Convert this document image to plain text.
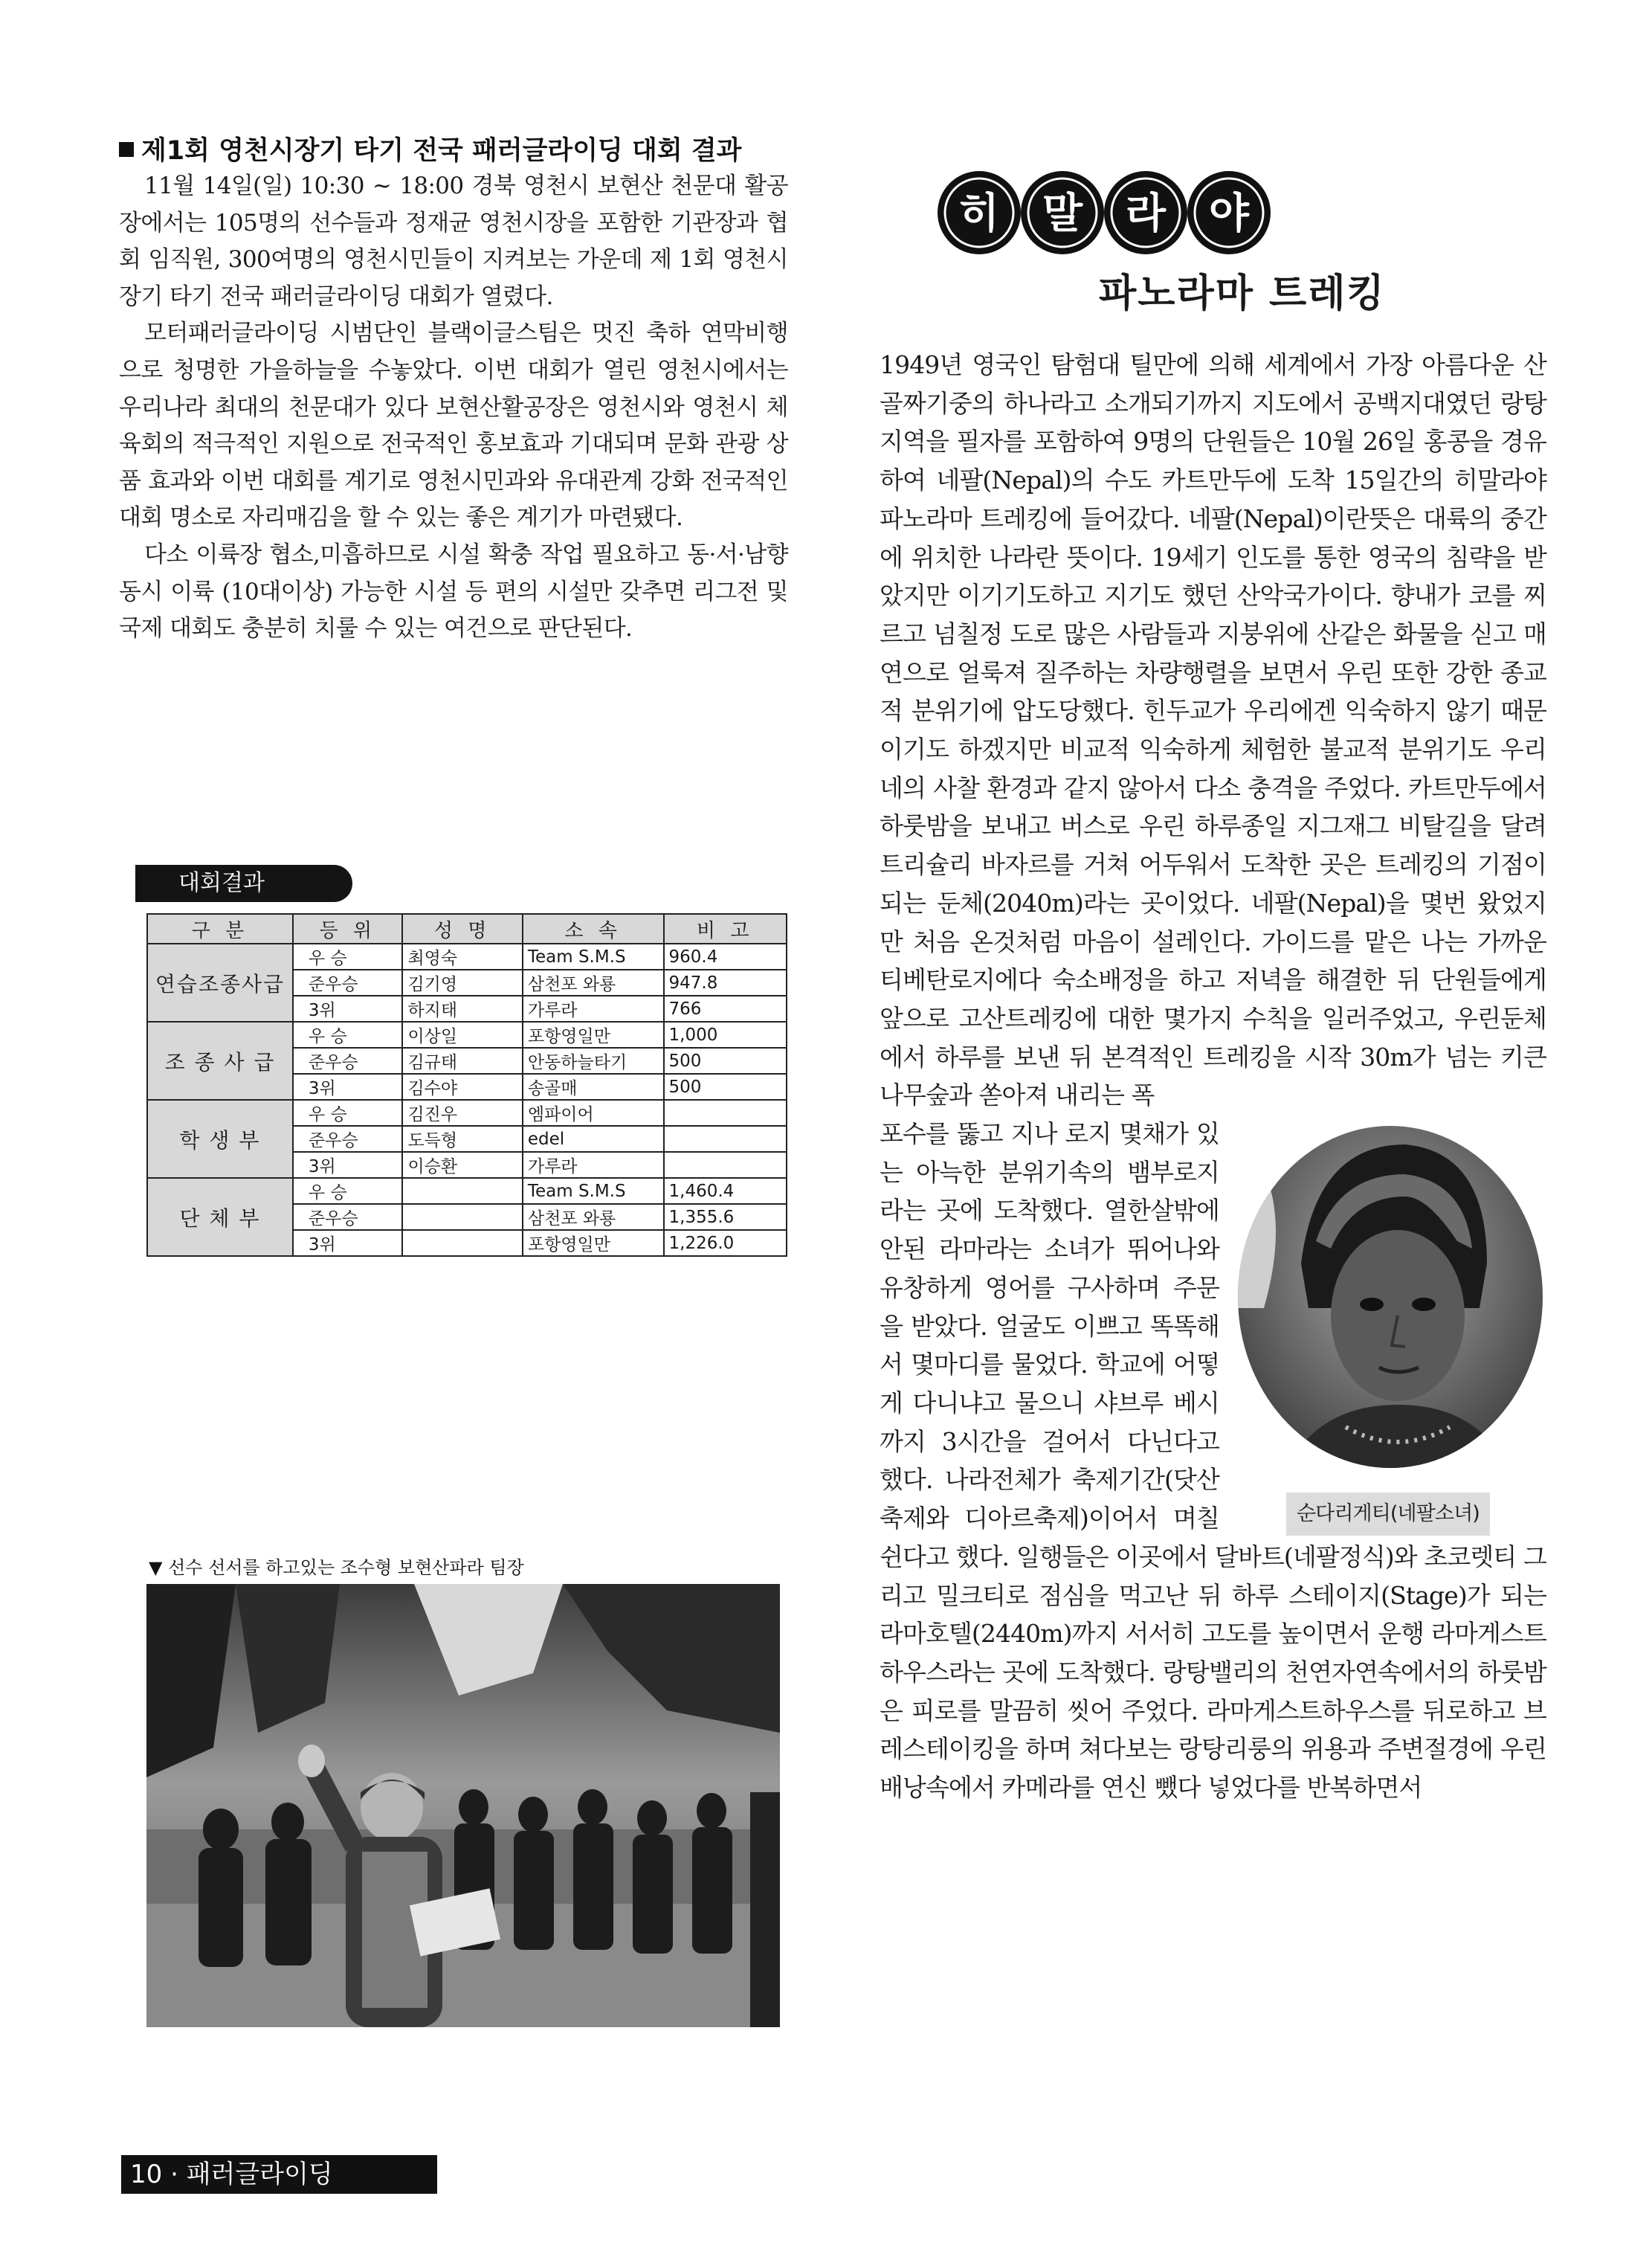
제1회 영천시장기 타기 전국 패러글라이딩 대회 결과

11월 14일(일) 10:30 ~ 18:00 경북 영천시 보현산 천문대 활공장에서는 105명의 선수들과 정재균 영천시장을 포함한 기관장과 협회 임직원, 300여명의 영천시민들이 지켜보는 가운데 제 1회 영천시장기 타기 전국 패러글라이딩 대회가 열렸다.

모터패러글라이딩 시범단인 블랙이글스팀은 멋진 축하 연막비행으로 청명한 가을하늘을 수놓았다. 이번 대회가 열린 영천시에서는 우리나라 최대의 천문대가 있다 보현산활공장은 영천시와 영천시 체육회의 적극적인 지원으로 전국적인 홍보효과 기대되며 문화 관광 상품 효과와 이번 대회를 계기로 영천시민과와 유대관계 강화 전국적인 대회 명소로 자리매김을 할 수 있는 좋은 계기가 마련됐다.

다소 이륙장 협소,미흡하므로 시설 확충 작업 필요하고 동·서·남향 동시 이륙 (10대이상) 가능한 시설 등 편의 시설만 갖추면 리그전 및 국제 대회도 충분히 치룰 수 있는 여건으로 판단된다.

대회결과
구 분	등 위	성 명	소 속	비 고
연습조종사급	우 승	최영숙	Team S.M.S	960.4
	준우승	김기영	삼천포 와룡	947.8
	3위	하지태	가루라	766
조 종 사 급	우 승	이상일	포항영일만	1,000
	준우승	김규태	안동하늘타기	500
	3위	김수야	송골매	500
학 생 부	우 승	김진우	엠파이어	
	준우승	도득형	edel	
	3위	이승환	가루라	
단 체 부	우 승		Team S.M.S	1,460.4
	준우승		삼천포 와룡	1,355.6
	3위		포항영일만	1,226.0
▼ 선수 선서를 하고있는 조수형 보현산파라 팀장
10 · 패러글라이딩
히 말 라 야
파노라마 트레킹

1949년 영국인 탐험대 틸만에 의해 세계에서 가장 아름다운 산골짜기중의 하나라고 소개되기까지 지도에서 공백지대였던 랑탕지역을 필자를 포함하여 9명의 단원들은 10월 26일 홍콩을 경유하여 네팔(Nepal)의 수도 카트만두에 도착 15일간의 히말라야 파노라마 트레킹에 들어갔다. 네팔(Nepal)이란뜻은 대륙의 중간에 위치한 나라란 뜻이다. 19세기 인도를 통한 영국의 침략을 받았지만 이기기도하고 지기도 했던 산악국가이다. 향내가 코를 찌르고 넘칠정 도로 많은 사람들과 지붕위에 산같은 화물을 싣고 매연으로 얼룩져 질주하는 차량행렬을 보면서 우린 또한 강한 종교적 분위기에 압도당했다. 힌두교가 우리에겐 익숙하지 않기 때문 이기도 하겠지만 비교적 익숙하게 체험한 불교적 분위기도 우리네의 사찰 환경과 같지 않아서 다소 충격을 주었다. 카트만두에서 하룻밤을 보내고 버스로 우린 하루종일 지그재그 비탈길을 달려 트리슐리 바자르를 거쳐 어두워서 도착한 곳은 트레킹의 기점이 되는 둔체(2040m)라는 곳이었다. 네팔(Nepal)을 몇번 왔었지만 처음 온것처럼 마음이 설레인다. 가이드를 맡은 나는 가까운 티베탄로지에다 숙소배정을 하고 저녁을 해결한 뒤 단원들에게 앞으로 고산트레킹에 대한 몇가지 수칙을 일러주었고, 우린둔체에서 하루를 보낸 뒤 본격적인 트레킹을 시작 30m가 넘는 키큰 나무숲과 쏟아져 내리는 폭

순다리게티(네팔소녀)

포수를 뚫고 지나 로지 몇채가 있는 아늑한 분위기속의 뱀부로지라는 곳에 도착했다. 열한살밖에 안된 라마라는 소녀가 뛰어나와 유창하게 영어를 구사하며 주문을 받았다. 얼굴도 이쁘고 똑똑해서 몇마디를 물었다. 학교에 어떻게 다니냐고 물으니 샤브루 베시 까지 3시간을 걸어서 다닌다고 했다. 나라전체가 축제기간(닷산축제와 디아르축제)이어서 며칠 쉰다고 했다. 일행들은 이곳에서 달바트(네팔정식)와 초코렛티 그리고 밀크티로 점심을 먹고난 뒤 하루 스테이지(Stage)가 되는 라마호텔(2440m)까지 서서히 고도를 높이면서 운행 라마게스트 하우스라는 곳에 도착했다. 랑탕밸리의 천연자연속에서의 하룻밤은 피로를 말끔히 씻어 주었다. 라마게스트하우스를 뒤로하고 브레스테이킹을 하며 쳐다보는 랑탕리룽의 위용과 주변절경에 우린 배낭속에서 카메라를 연신 뺐다 넣었다를 반복하면서
